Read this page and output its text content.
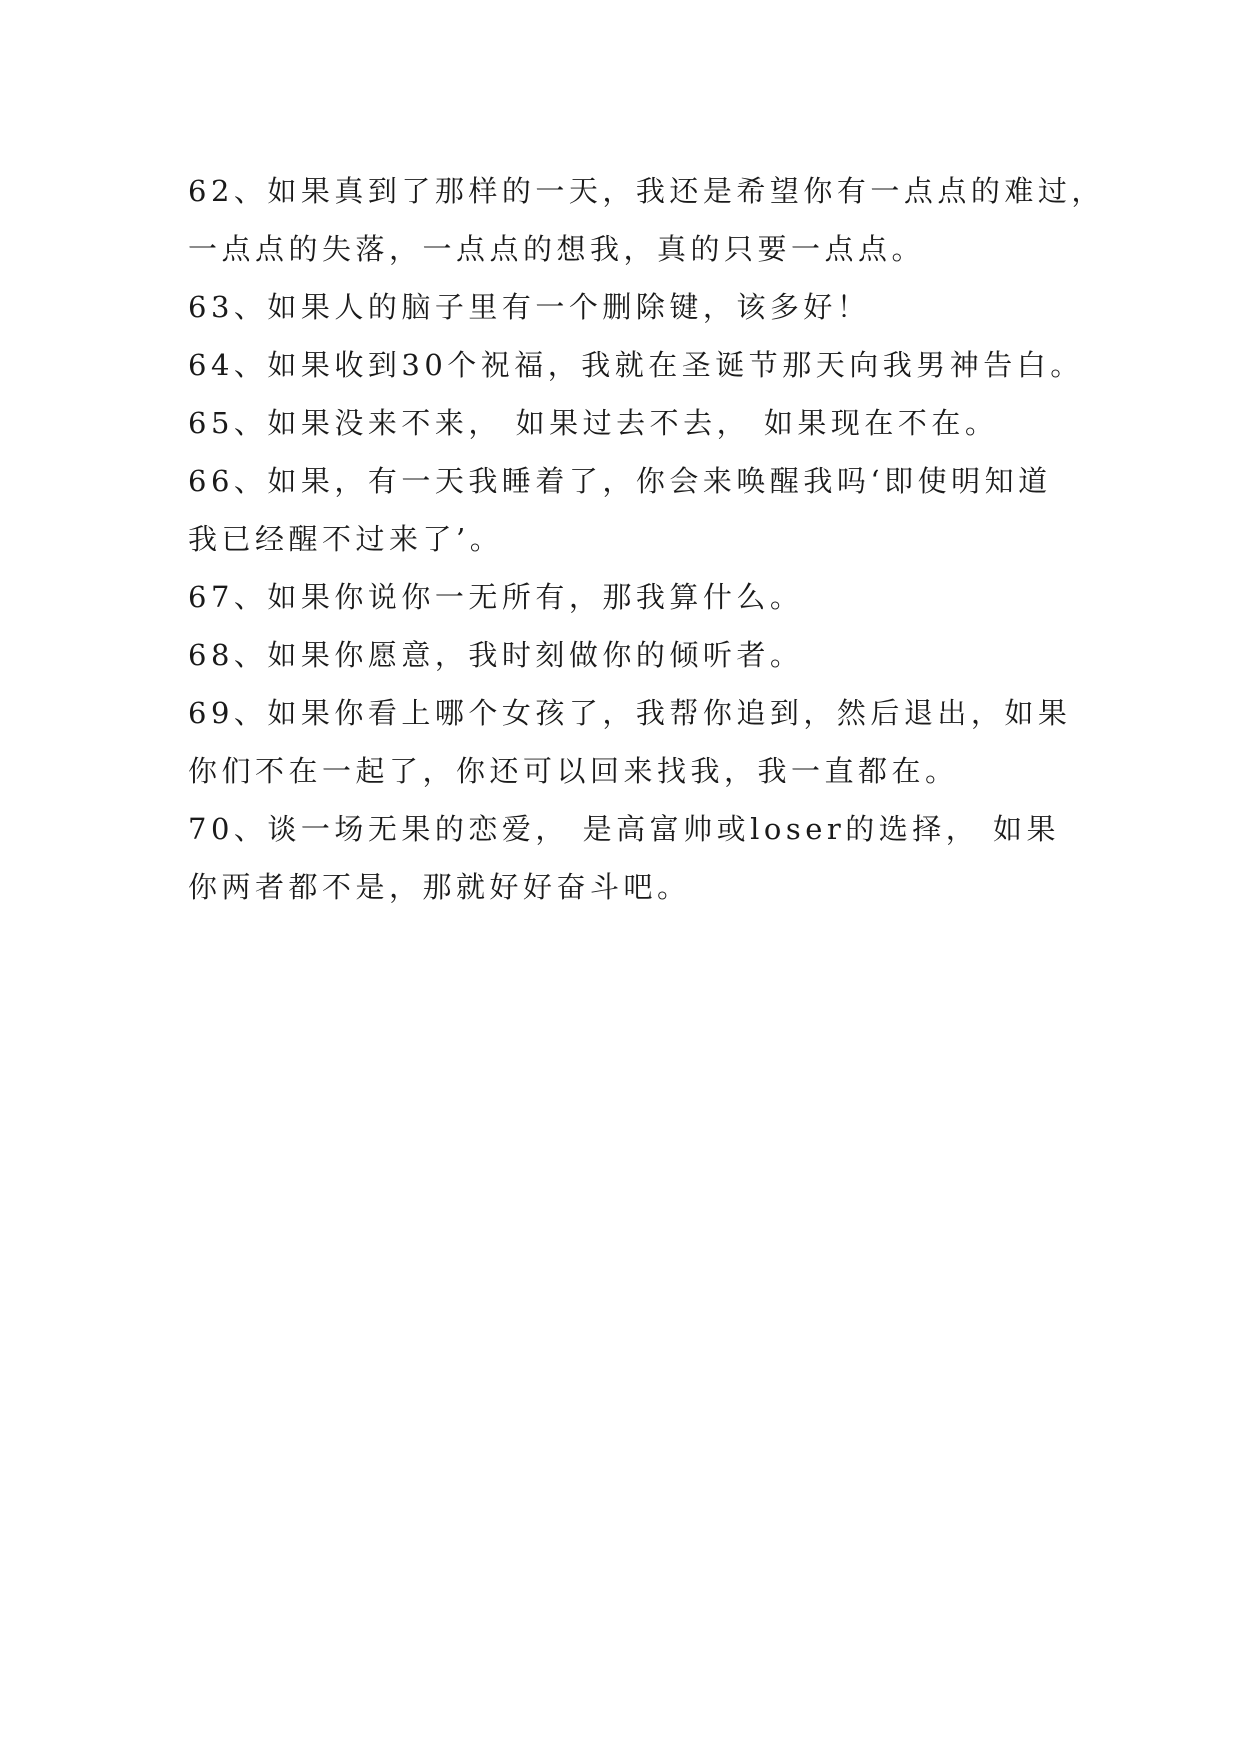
62、如果真到了那样的一天，我还是希望你有一点点的难过，
一点点的失落，一点点的想我，真的只要一点点。
63、如果人的脑子里有一个删除键，该多好！
64、如果收到30个祝福，我就在圣诞节那天向我男神告白。
65、如果没来不来， 如果过去不去， 如果现在不在。
66、如果，有一天我睡着了，你会来唤醒我吗‘即使明知道
我已经醒不过来了’。
67、如果你说你一无所有，那我算什么。
68、如果你愿意，我时刻做你的倾听者。
69、如果你看上哪个女孩了，我帮你追到，然后退出，如果
你们不在一起了，你还可以回来找我，我一直都在。
70、谈一场无果的恋爱， 是高富帅或loser的选择， 如果
你两者都不是，那就好好奋斗吧。
